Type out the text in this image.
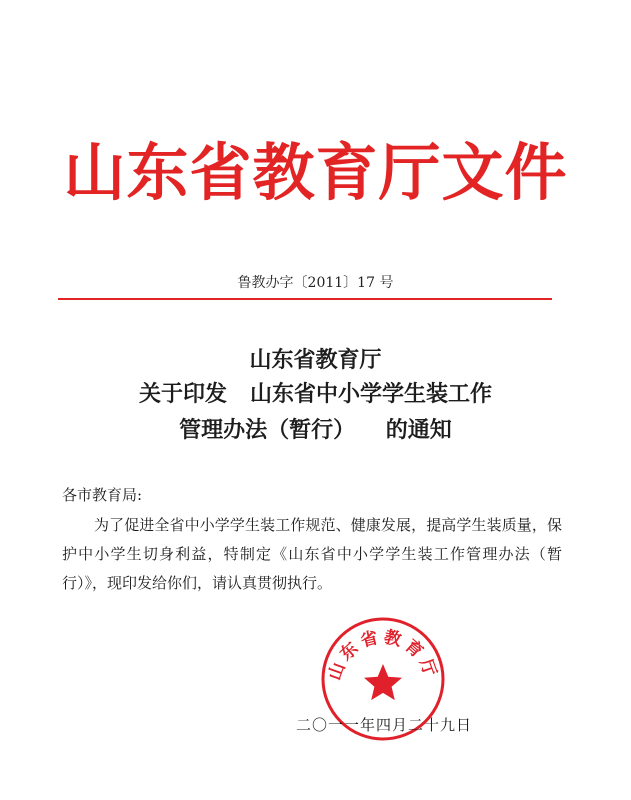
山东省教育厅文件
鲁教办字〔2011〕17 号
山东省教育厅
关于印发   山东省中小学学生装工作
管理办法（暂行）    的通知
各市教育局:

为了促进全省中小学学生装工作规范、健康发展，提高学生装质量，保护中小学生切身利益，特制定《山东省中小学学生装工作管理办法（暂行）》，现印发给你们，请认真贯彻执行。

山东省教育厅
二〇一一年四月二十九日
